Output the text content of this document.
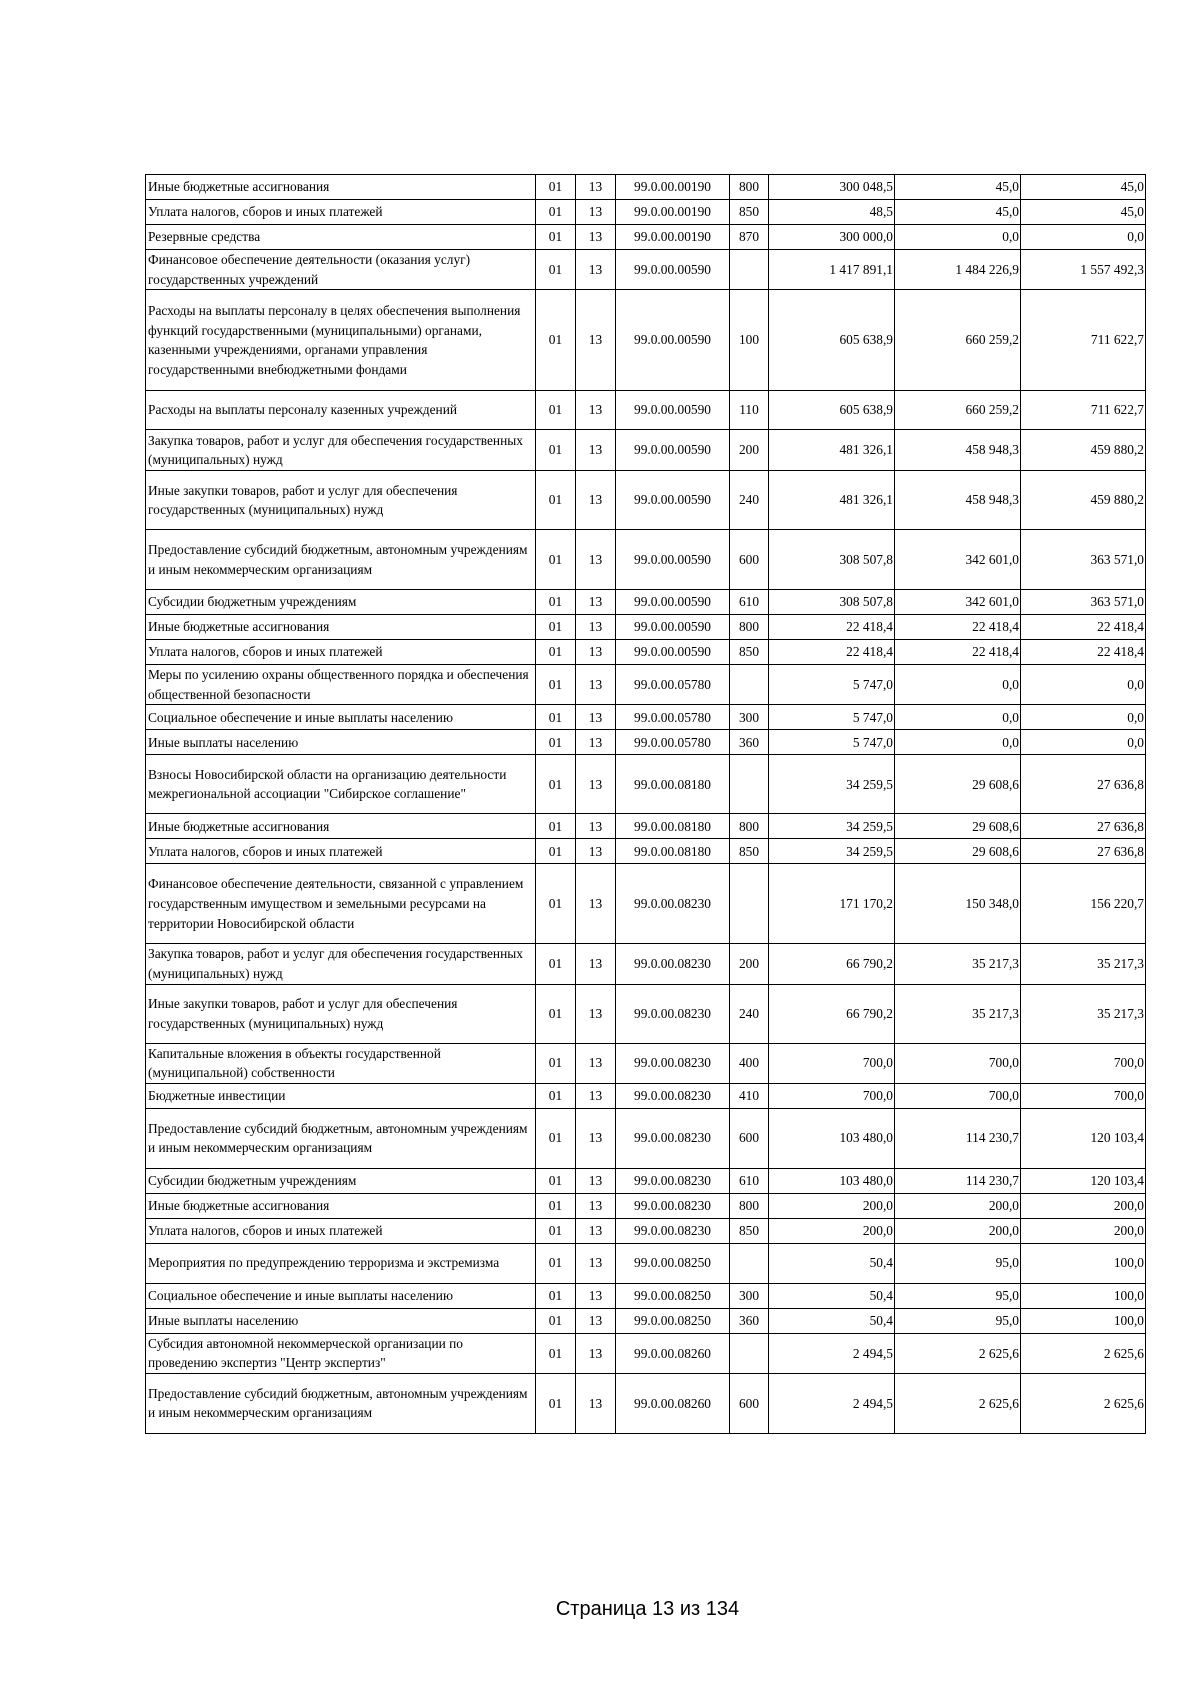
Иные бюджетные ассигнования	01	13	99.0.00.00190	800	300 048,5	45,0	45,0
Уплата налогов, сборов и иных платежей	01	13	99.0.00.00190	850	48,5	45,0	45,0
Резервные средства	01	13	99.0.00.00190	870	300 000,0	0,0	0,0
Финансовое обеспечение деятельности (оказания услуг) государственных учреждений	01	13	99.0.00.00590		1 417 891,1	1 484 226,9	1 557 492,3
Расходы на выплаты персоналу в целях обеспечения выполнения функций государственными (муниципальными) органами, казенными учреждениями, органами управления государственными внебюджетными фондами	01	13	99.0.00.00590	100	605 638,9	660 259,2	711 622,7
Расходы на выплаты персоналу казенных учреждений	01	13	99.0.00.00590	110	605 638,9	660 259,2	711 622,7
Закупка товаров, работ и услуг для обеспечения государственных (муниципальных) нужд	01	13	99.0.00.00590	200	481 326,1	458 948,3	459 880,2
Иные закупки товаров, работ и услуг для обеспечения государственных (муниципальных) нужд	01	13	99.0.00.00590	240	481 326,1	458 948,3	459 880,2
Предоставление субсидий бюджетным, автономным учреждениям и иным некоммерческим организациям	01	13	99.0.00.00590	600	308 507,8	342 601,0	363 571,0
Субсидии бюджетным учреждениям	01	13	99.0.00.00590	610	308 507,8	342 601,0	363 571,0
Иные бюджетные ассигнования	01	13	99.0.00.00590	800	22 418,4	22 418,4	22 418,4
Уплата налогов, сборов и иных платежей	01	13	99.0.00.00590	850	22 418,4	22 418,4	22 418,4
Меры по усилению охраны общественного порядка и обеспечения общественной безопасности	01	13	99.0.00.05780		5 747,0	0,0	0,0
Социальное обеспечение и иные выплаты населению	01	13	99.0.00.05780	300	5 747,0	0,0	0,0
Иные выплаты населению	01	13	99.0.00.05780	360	5 747,0	0,0	0,0
Взносы Новосибирской области на организацию деятельности межрегиональной ассоциации "Сибирское соглашение"	01	13	99.0.00.08180		34 259,5	29 608,6	27 636,8
Иные бюджетные ассигнования	01	13	99.0.00.08180	800	34 259,5	29 608,6	27 636,8
Уплата налогов, сборов и иных платежей	01	13	99.0.00.08180	850	34 259,5	29 608,6	27 636,8
Финансовое обеспечение деятельности, связанной с управлением государственным имуществом и земельными ресурсами на территории Новосибирской области	01	13	99.0.00.08230		171 170,2	150 348,0	156 220,7
Закупка товаров, работ и услуг для обеспечения государственных (муниципальных) нужд	01	13	99.0.00.08230	200	66 790,2	35 217,3	35 217,3
Иные закупки товаров, работ и услуг для обеспечения государственных (муниципальных) нужд	01	13	99.0.00.08230	240	66 790,2	35 217,3	35 217,3
Капитальные вложения в объекты государственной (муниципальной) собственности	01	13	99.0.00.08230	400	700,0	700,0	700,0
Бюджетные инвестиции	01	13	99.0.00.08230	410	700,0	700,0	700,0
Предоставление субсидий бюджетным, автономным учреждениям и иным некоммерческим организациям	01	13	99.0.00.08230	600	103 480,0	114 230,7	120 103,4
Субсидии бюджетным учреждениям	01	13	99.0.00.08230	610	103 480,0	114 230,7	120 103,4
Иные бюджетные ассигнования	01	13	99.0.00.08230	800	200,0	200,0	200,0
Уплата налогов, сборов и иных платежей	01	13	99.0.00.08230	850	200,0	200,0	200,0
Мероприятия по предупреждению терроризма и экстремизма	01	13	99.0.00.08250		50,4	95,0	100,0
Социальное обеспечение и иные выплаты населению	01	13	99.0.00.08250	300	50,4	95,0	100,0
Иные выплаты населению	01	13	99.0.00.08250	360	50,4	95,0	100,0
Субсидия автономной некоммерческой организации по проведению экспертиз "Центр экспертиз"	01	13	99.0.00.08260		2 494,5	2 625,6	2 625,6
Предоставление субсидий бюджетным, автономным учреждениям и иным некоммерческим организациям	01	13	99.0.00.08260	600	2 494,5	2 625,6	2 625,6
Страница 13 из 134
